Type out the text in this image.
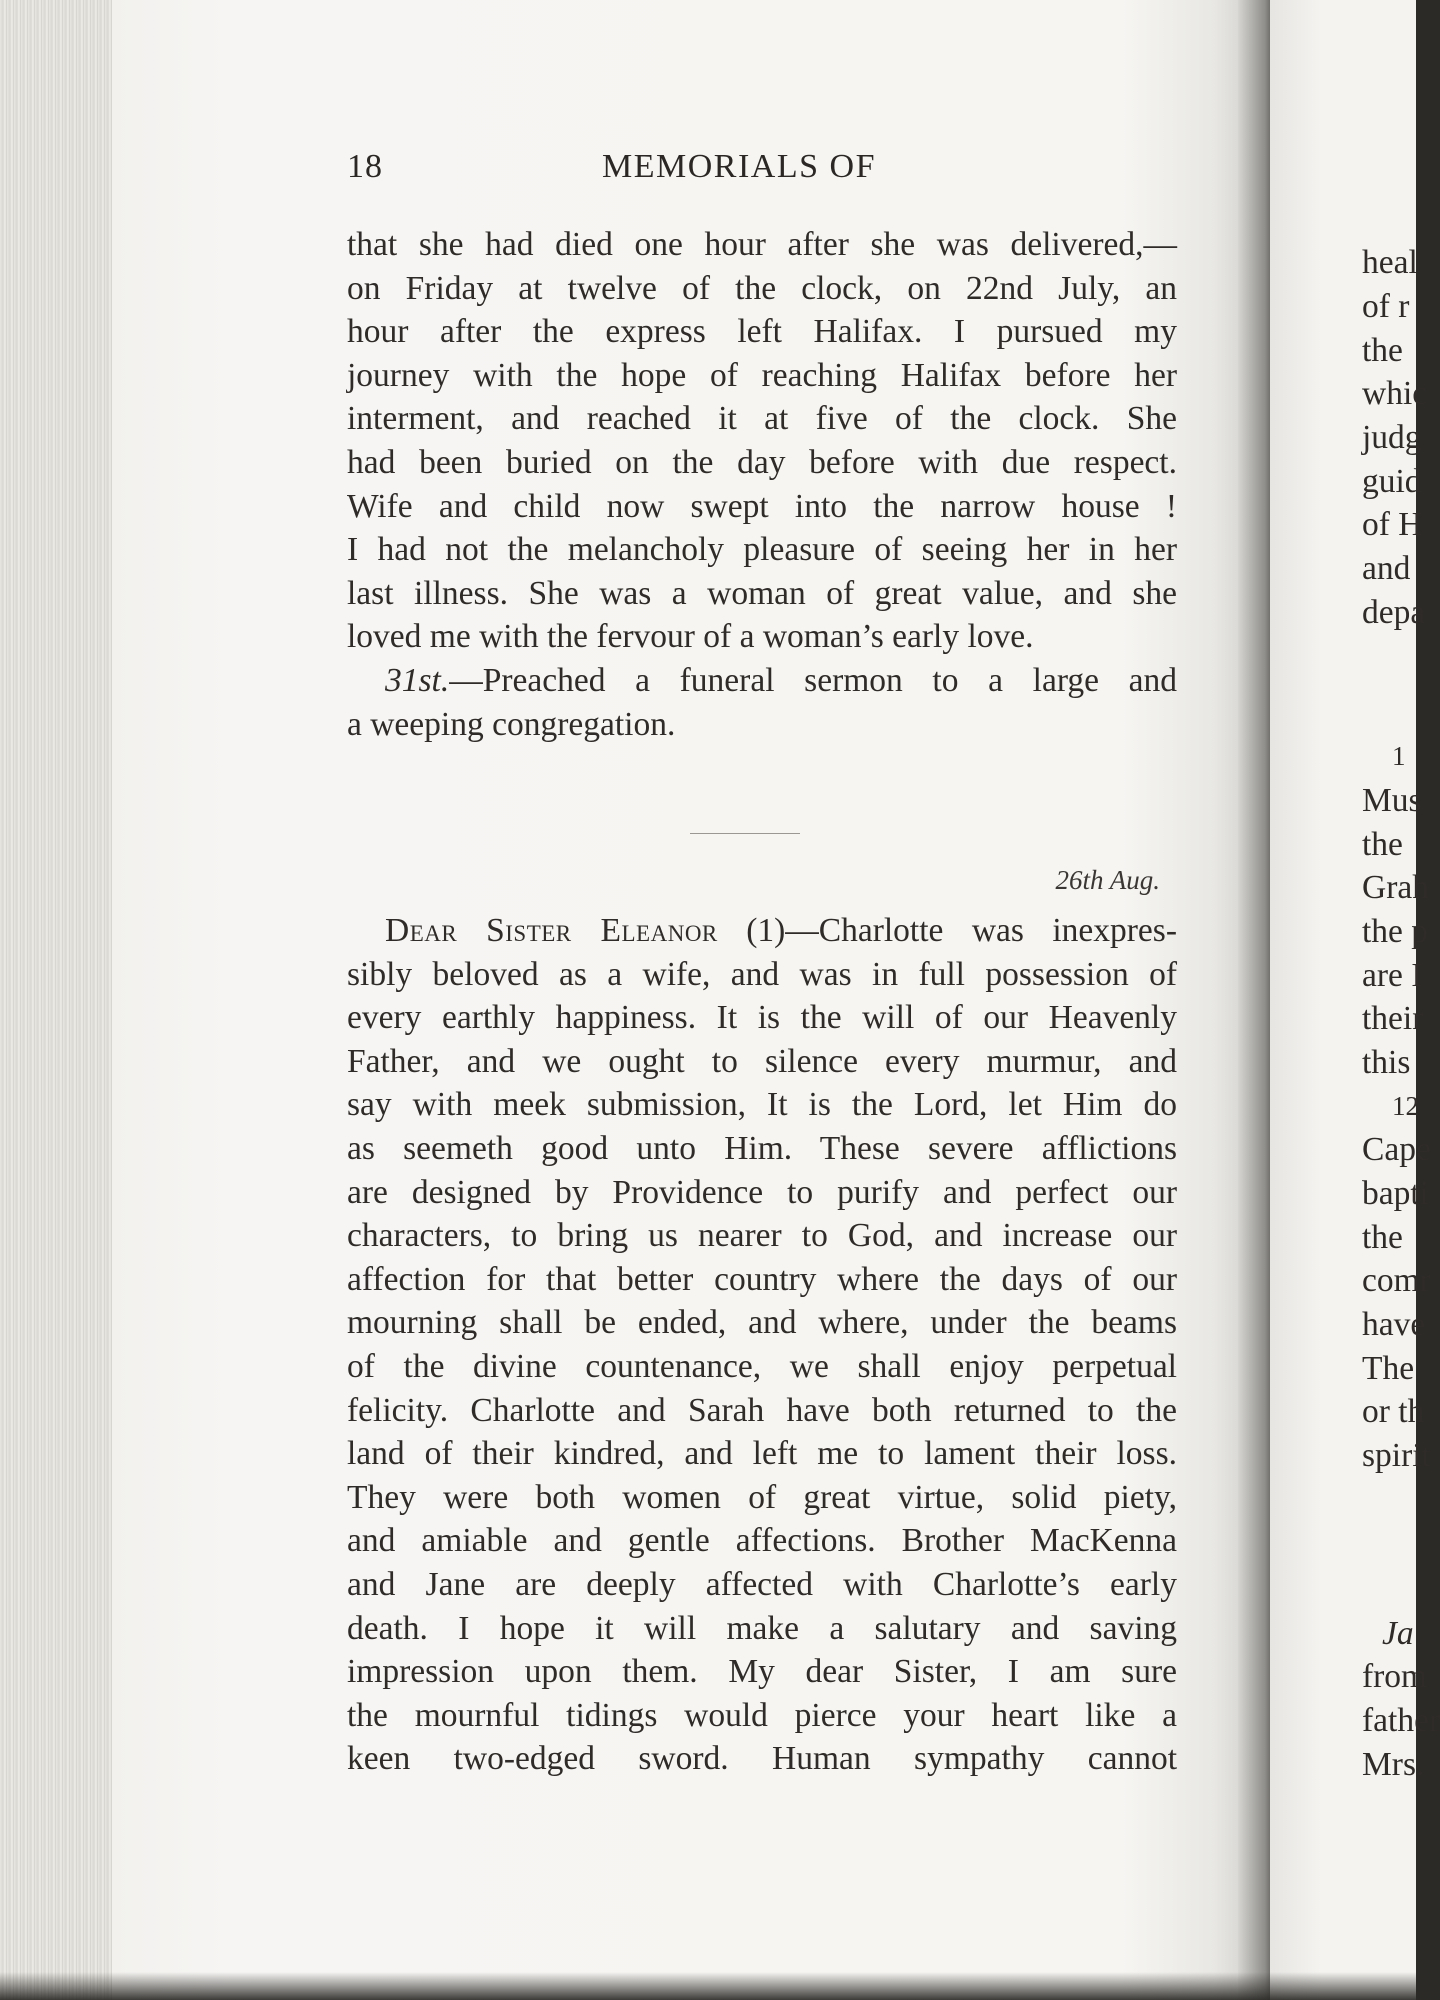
18	MEMORIALS OF

that she had died one hour after she was delivered,—
on Friday at twelve of the clock, on 22nd July, an
hour after the express left Halifax. I pursued my
journey with the hope of reaching Halifax before her
interment, and reached it at five of the clock. She
had been buried on the day before with due respect.
Wife and child now swept into the narrow house !
I had not the melancholy pleasure of seeing her in her
last illness. She was a woman of great value, and she
loved me with the fervour of a woman’s early love.

31st.—Preached a funeral sermon to a large and
a weeping congregation.

26th Aug.

Dear Sister Eleanor (1)—Charlotte was inexpres-
sibly beloved as a wife, and was in full possession of
every earthly happiness. It is the will of our Heavenly
Father, and we ought to silence every murmur, and
say with meek submission, It is the Lord, let Him do
as seemeth good unto Him. These severe afflictions
are designed by Providence to purify and perfect our
characters, to bring us nearer to God, and increase our
affection for that better country where the days of our
mourning shall be ended, and where, under the beams
of the divine countenance, we shall enjoy perpetual
felicity. Charlotte and Sarah have both returned to the
land of their kindred, and left me to lament their loss.
They were both women of great virtue, solid piety,
and amiable and gentle affections. Brother MacKenna
and Jane are deeply affected with Charlotte’s early
death. I hope it will make a salutary and saving
impression upon them. My dear Sister, I am sure
the mournful tidings would pierce your heart like a
keen two-edged sword. Human sympathy cannot

heal
of r
the
whic
judg
guid
of H
and
depa
1
Mus
the
Grah
the p
are I
their
this
12
Cape
bapti
the
comr
have
The
or th
spirit
Ja
from
father
Mrs.
